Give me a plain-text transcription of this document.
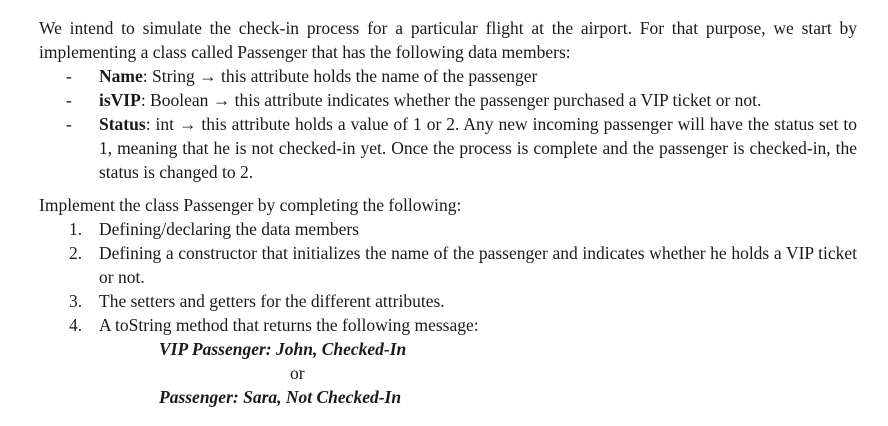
We intend to simulate the check-in process for a particular flight at the airport. For that purpose, we start by implementing a class called Passenger that has the following data members:

- Name: String → this attribute holds the name of the passenger
- isVIP: Boolean → this attribute indicates whether the passenger purchased a VIP ticket or not.
- Status: int → this attribute holds a value of 1 or 2. Any new incoming passenger will have the status set to 1, meaning that he is not checked-in yet. Once the process is complete and the passenger is checked-in, the status is changed to 2.

Implement the class Passenger by completing the following:

1. Defining/declaring the data members
2. Defining a constructor that initializes the name of the passenger and indicates whether he holds a VIP ticket or not.
3. The setters and getters for the different attributes.
4. A toString method that returns the following message:
VIP Passenger: John, Checked-In
or
Passenger: Sara, Not Checked-In
